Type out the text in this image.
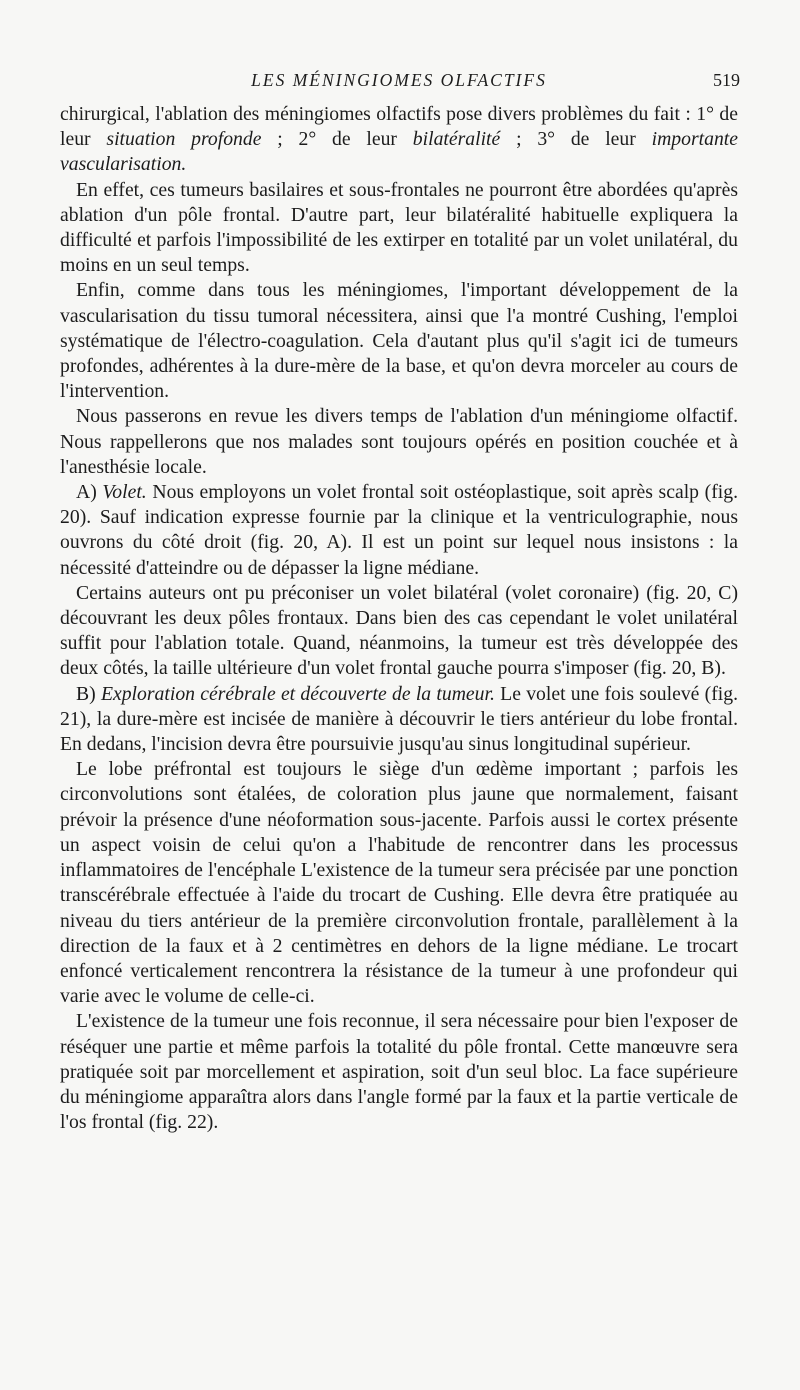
LES MÉNINGIOMES OLFACTIFS	519

chirurgical, l'ablation des méningiomes olfactifs pose divers problèmes du fait : 1° de leur situation profonde ; 2° de leur bilatéralité ; 3° de leur importante vascularisation.

En effet, ces tumeurs basilaires et sous-frontales ne pourront être abordées qu'après ablation d'un pôle frontal. D'autre part, leur bilatéralité habituelle expliquera la difficulté et parfois l'impossibilité de les extirper en totalité par un volet unilatéral, du moins en un seul temps.

Enfin, comme dans tous les méningiomes, l'important développement de la vascularisation du tissu tumoral nécessitera, ainsi que l'a montré Cushing, l'emploi systématique de l'électro-coagulation. Cela d'autant plus qu'il s'agit ici de tumeurs profondes, adhérentes à la dure-mère de la base, et qu'on devra morceler au cours de l'intervention.

Nous passerons en revue les divers temps de l'ablation d'un méningiome olfactif. Nous rappellerons que nos malades sont toujours opérés en position couchée et à l'anesthésie locale.

A) Volet. Nous employons un volet frontal soit ostéoplastique, soit après scalp (fig. 20). Sauf indication expresse fournie par la clinique et la ventriculographie, nous ouvrons du côté droit (fig. 20, A). Il est un point sur lequel nous insistons : la nécessité d'atteindre ou de dépasser la ligne médiane.

Certains auteurs ont pu préconiser un volet bilatéral (volet coronaire) (fig. 20, C) découvrant les deux pôles frontaux. Dans bien des cas cependant le volet unilatéral suffit pour l'ablation totale. Quand, néanmoins, la tumeur est très développée des deux côtés, la taille ultérieure d'un volet frontal gauche pourra s'imposer (fig. 20, B).

B) Exploration cérébrale et découverte de la tumeur. Le volet une fois soulevé (fig. 21), la dure-mère est incisée de manière à découvrir le tiers antérieur du lobe frontal. En dedans, l'incision devra être poursuivie jusqu'au sinus longitudinal supérieur.

Le lobe préfrontal est toujours le siège d'un œdème important ; parfois les circonvolutions sont étalées, de coloration plus jaune que normalement, faisant prévoir la présence d'une néoformation sous-jacente. Parfois aussi le cortex présente un aspect voisin de celui qu'on a l'habitude de rencontrer dans les processus inflammatoires de l'encéphale L'existence de la tumeur sera précisée par une ponction transcérébrale effectuée à l'aide du trocart de Cushing. Elle devra être pratiquée au niveau du tiers antérieur de la première circonvolution frontale, parallèlement à la direction de la faux et à 2 centimètres en dehors de la ligne médiane. Le trocart enfoncé verticalement rencontrera la résistance de la tumeur à une profondeur qui varie avec le volume de celle-ci.

L'existence de la tumeur une fois reconnue, il sera nécessaire pour bien l'exposer de réséquer une partie et même parfois la totalité du pôle frontal. Cette manœuvre sera pratiquée soit par morcellement et aspiration, soit d'un seul bloc. La face supérieure du méningiome apparaîtra alors dans l'angle formé par la faux et la partie verticale de l'os frontal (fig. 22).
